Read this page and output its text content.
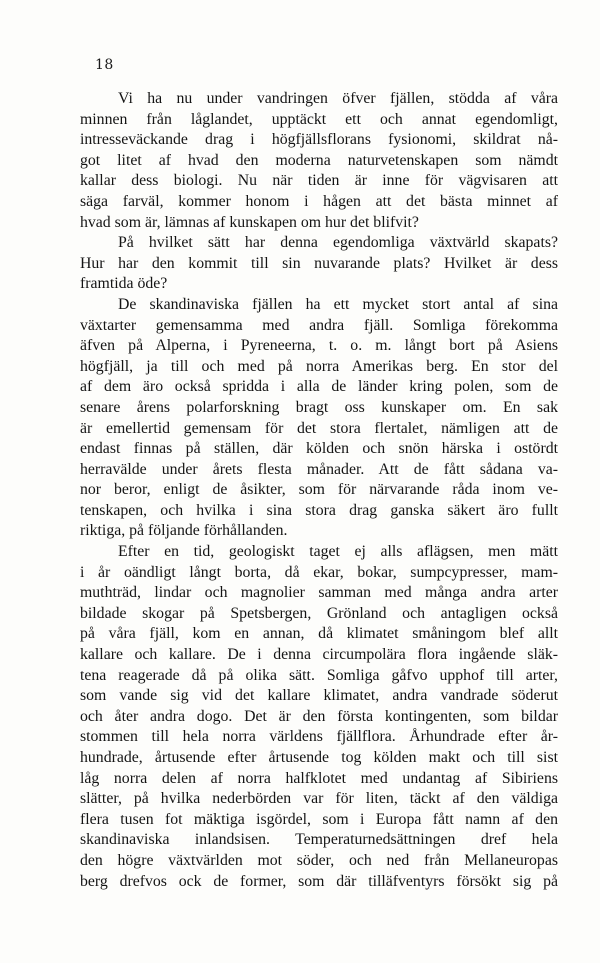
18
Vi ha nu under vandringen öfver fjällen, stödda af våra
minnen från låglandet, upptäckt ett och annat egendomligt,
intresseväckande drag i högfjällsflorans fysionomi, skildrat nå-
got litet af hvad den moderna naturvetenskapen som nämdt
kallar dess biologi. Nu när tiden är inne för vägvisaren att
säga farväl, kommer honom i hågen att det bästa minnet af
hvad som är, lämnas af kunskapen om hur det blifvit?
På hvilket sätt har denna egendomliga växtvärld skapats?
Hur har den kommit till sin nuvarande plats? Hvilket är dess
framtida öde?
De skandinaviska fjällen ha ett mycket stort antal af sina
växtarter gemensamma med andra fjäll. Somliga förekomma
äfven på Alperna, i Pyreneerna, t. o. m. långt bort på Asiens
högfjäll, ja till och med på norra Amerikas berg. En stor del
af dem äro också spridda i alla de länder kring polen, som de
senare årens polarforskning bragt oss kunskaper om. En sak
är emellertid gemensam för det stora flertalet, nämligen att de
endast finnas på ställen, där kölden och snön härska i ostördt
herravälde under årets flesta månader. Att de fått sådana va-
nor beror, enligt de åsikter, som för närvarande råda inom ve-
tenskapen, och hvilka i sina stora drag ganska säkert äro fullt
riktiga, på följande förhållanden.
Efter en tid, geologiskt taget ej alls aflägsen, men mätt
i år oändligt långt borta, då ekar, bokar, sumpcypresser, mam-
muthträd, lindar och magnolier samman med många andra arter
bildade skogar på Spetsbergen, Grönland och antagligen också
på våra fjäll, kom en annan, då klimatet småningom blef allt
kallare och kallare. De i denna circumpolära flora ingående släk-
tena reagerade då på olika sätt. Somliga gåfvo upphof till arter,
som vande sig vid det kallare klimatet, andra vandrade söderut
och åter andra dogo. Det är den första kontingenten, som bildar
stommen till hela norra världens fjällflora. Århundrade efter år-
hundrade, årtusende efter årtusende tog kölden makt och till sist
låg norra delen af norra halfklotet med undantag af Sibiriens
slätter, på hvilka nederbörden var för liten, täckt af den väldiga
flera tusen fot mäktiga isgördel, som i Europa fått namn af den
skandinaviska inlandsisen. Temperaturnedsättningen dref hela
den högre växtvärlden mot söder, och ned från Mellaneuropas
berg drefvos ock de former, som där tilläfventyrs försökt sig på
